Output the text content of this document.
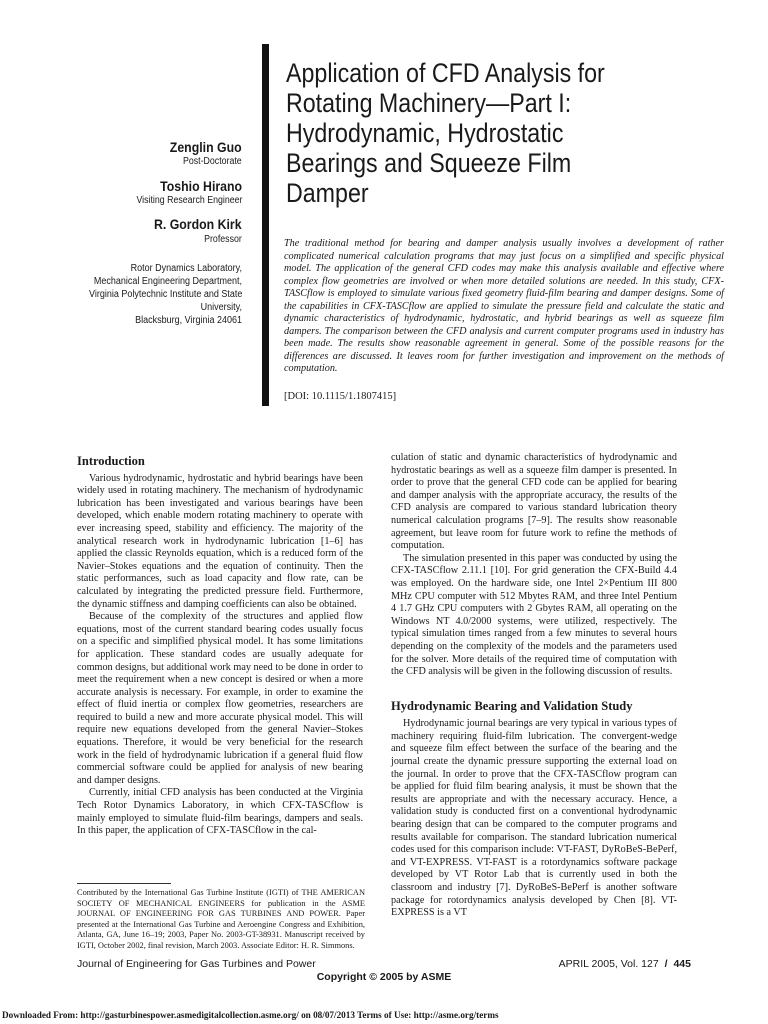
Zenglin Guo
Post-Doctorate
Toshio Hirano
Visiting Research Engineer
R. Gordon Kirk
Professor
Rotor Dynamics Laboratory,
Mechanical Engineering Department,
Virginia Polytechnic Institute and State
University,
Blacksburg, Virginia 24061
Application of CFD Analysis for
Rotating Machinery—Part I:
Hydrodynamic, Hydrostatic
Bearings and Squeeze Film
Damper

The traditional method for bearing and damper analysis usually involves a development of rather complicated numerical calculation programs that may just focus on a simplified and specific physical model. The application of the general CFD codes may make this analysis available and effective where complex flow geometries are involved or when more detailed solutions are needed. In this study, CFX-TASCflow is employed to simulate various fixed geometry fluid-film bearing and damper designs. Some of the capabilities in CFX-TASCflow are applied to simulate the pressure field and calculate the static and dynamic characteristics of hydrodynamic, hydrostatic, and hybrid bearings as well as squeeze film dampers. The comparison between the CFD analysis and current computer programs used in industry has been made. The results show reasonable agreement in general. Some of the possible reasons for the differences are discussed. It leaves room for further investigation and improvement on the methods of computation.

[DOI: 10.1115/1.1807415]
Introduction

Various hydrodynamic, hydrostatic and hybrid bearings have been widely used in rotating machinery. The mechanism of hydrodynamic lubrication has been investigated and various bearings have been developed, which enable modern rotating machinery to operate with ever increasing speed, stability and efficiency. The majority of the analytical research work in hydrodynamic lubrication [1–6] has applied the classic Reynolds equation, which is a reduced form of the Navier–Stokes equations and the equation of continuity. Then the static performances, such as load capacity and flow rate, can be calculated by integrating the predicted pressure field. Furthermore, the dynamic stiffness and damping coefficients can also be obtained.

Because of the complexity of the structures and applied flow equations, most of the current standard bearing codes usually focus on a specific and simplified physical model. It has some limitations for application. These standard codes are usually adequate for common designs, but additional work may need to be done in order to meet the requirement when a new concept is desired or when a more accurate analysis is necessary. For example, in order to examine the effect of fluid inertia or complex flow geometries, researchers are required to build a new and more accurate physical model. This will require new equations developed from the general Navier–Stokes equations. Therefore, it would be very beneficial for the research work in the field of hydrodynamic lubrication if a general fluid flow commercial software could be applied for analysis of new bearing and damper designs.

Currently, initial CFD analysis has been conducted at the Virginia Tech Rotor Dynamics Laboratory, in which CFX-TASCflow is mainly employed to simulate fluid-film bearings, dampers and seals. In this paper, the application of CFX-TASCflow in the cal-

Contributed by the International Gas Turbine Institute (IGTI) of THE AMERICAN SOCIETY OF MECHANICAL ENGINEERS for publication in the ASME JOURNAL OF ENGINEERING FOR GAS TURBINES AND POWER. Paper presented at the International Gas Turbine and Aeroengine Congress and Exhibition, Atlanta, GA, June 16–19; 2003, Paper No. 2003-GT-38931. Manuscript received by IGTI, October 2002, final revision, March 2003. Associate Editor: H. R. Simmons.

culation of static and dynamic characteristics of hydrodynamic and hydrostatic bearings as well as a squeeze film damper is presented. In order to prove that the general CFD code can be applied for bearing and damper analysis with the appropriate accuracy, the results of the CFD analysis are compared to various standard lubrication theory numerical calculation programs [7–9]. The results show reasonable agreement, but leave room for future work to refine the methods of computation.

The simulation presented in this paper was conducted by using the CFX-TASCflow 2.11.1 [10]. For grid generation the CFX-Build 4.4 was employed. On the hardware side, one Intel 2×Pentium III 800 MHz CPU computer with 512 Mbytes RAM, and three Intel Pentium 4 1.7 GHz CPU computers with 2 Gbytes RAM, all operating on the Windows NT 4.0/2000 systems, were utilized, respectively. The typical simulation times ranged from a few minutes to several hours depending on the complexity of the models and the parameters used for the solver. More details of the required time of computation with the CFD analysis will be given in the following discussion of results.

Hydrodynamic Bearing and Validation Study

Hydrodynamic journal bearings are very typical in various types of machinery requiring fluid-film lubrication. The convergent-wedge and squeeze film effect between the surface of the bearing and the journal create the dynamic pressure supporting the external load on the journal. In order to prove that the CFX-TASCflow program can be applied for fluid film bearing analysis, it must be shown that the results are appropriate and with the necessary accuracy. Hence, a validation study is conducted first on a conventional hydrodynamic bearing design that can be compared to the computer programs and results available for comparison. The standard lubrication numerical codes used for this comparison include: VT-FAST, DyRoBeS-BePerf, and VT-EXPRESS. VT-FAST is a rotordynamics software package developed by VT Rotor Lab that is currently used in both the classroom and industry [7]. DyRoBeS-BePerf is another software package for rotordynamics analysis developed by Chen [8]. VT-EXPRESS is a VT

Journal of Engineering for Gas Turbines and Power	APRIL 2005, Vol. 127 / 445
Copyright © 2005 by ASME
Downloaded From: http://gasturbinespower.asmedigitalcollection.asme.org/ on 08/07/2013 Terms of Use: http://asme.org/terms
